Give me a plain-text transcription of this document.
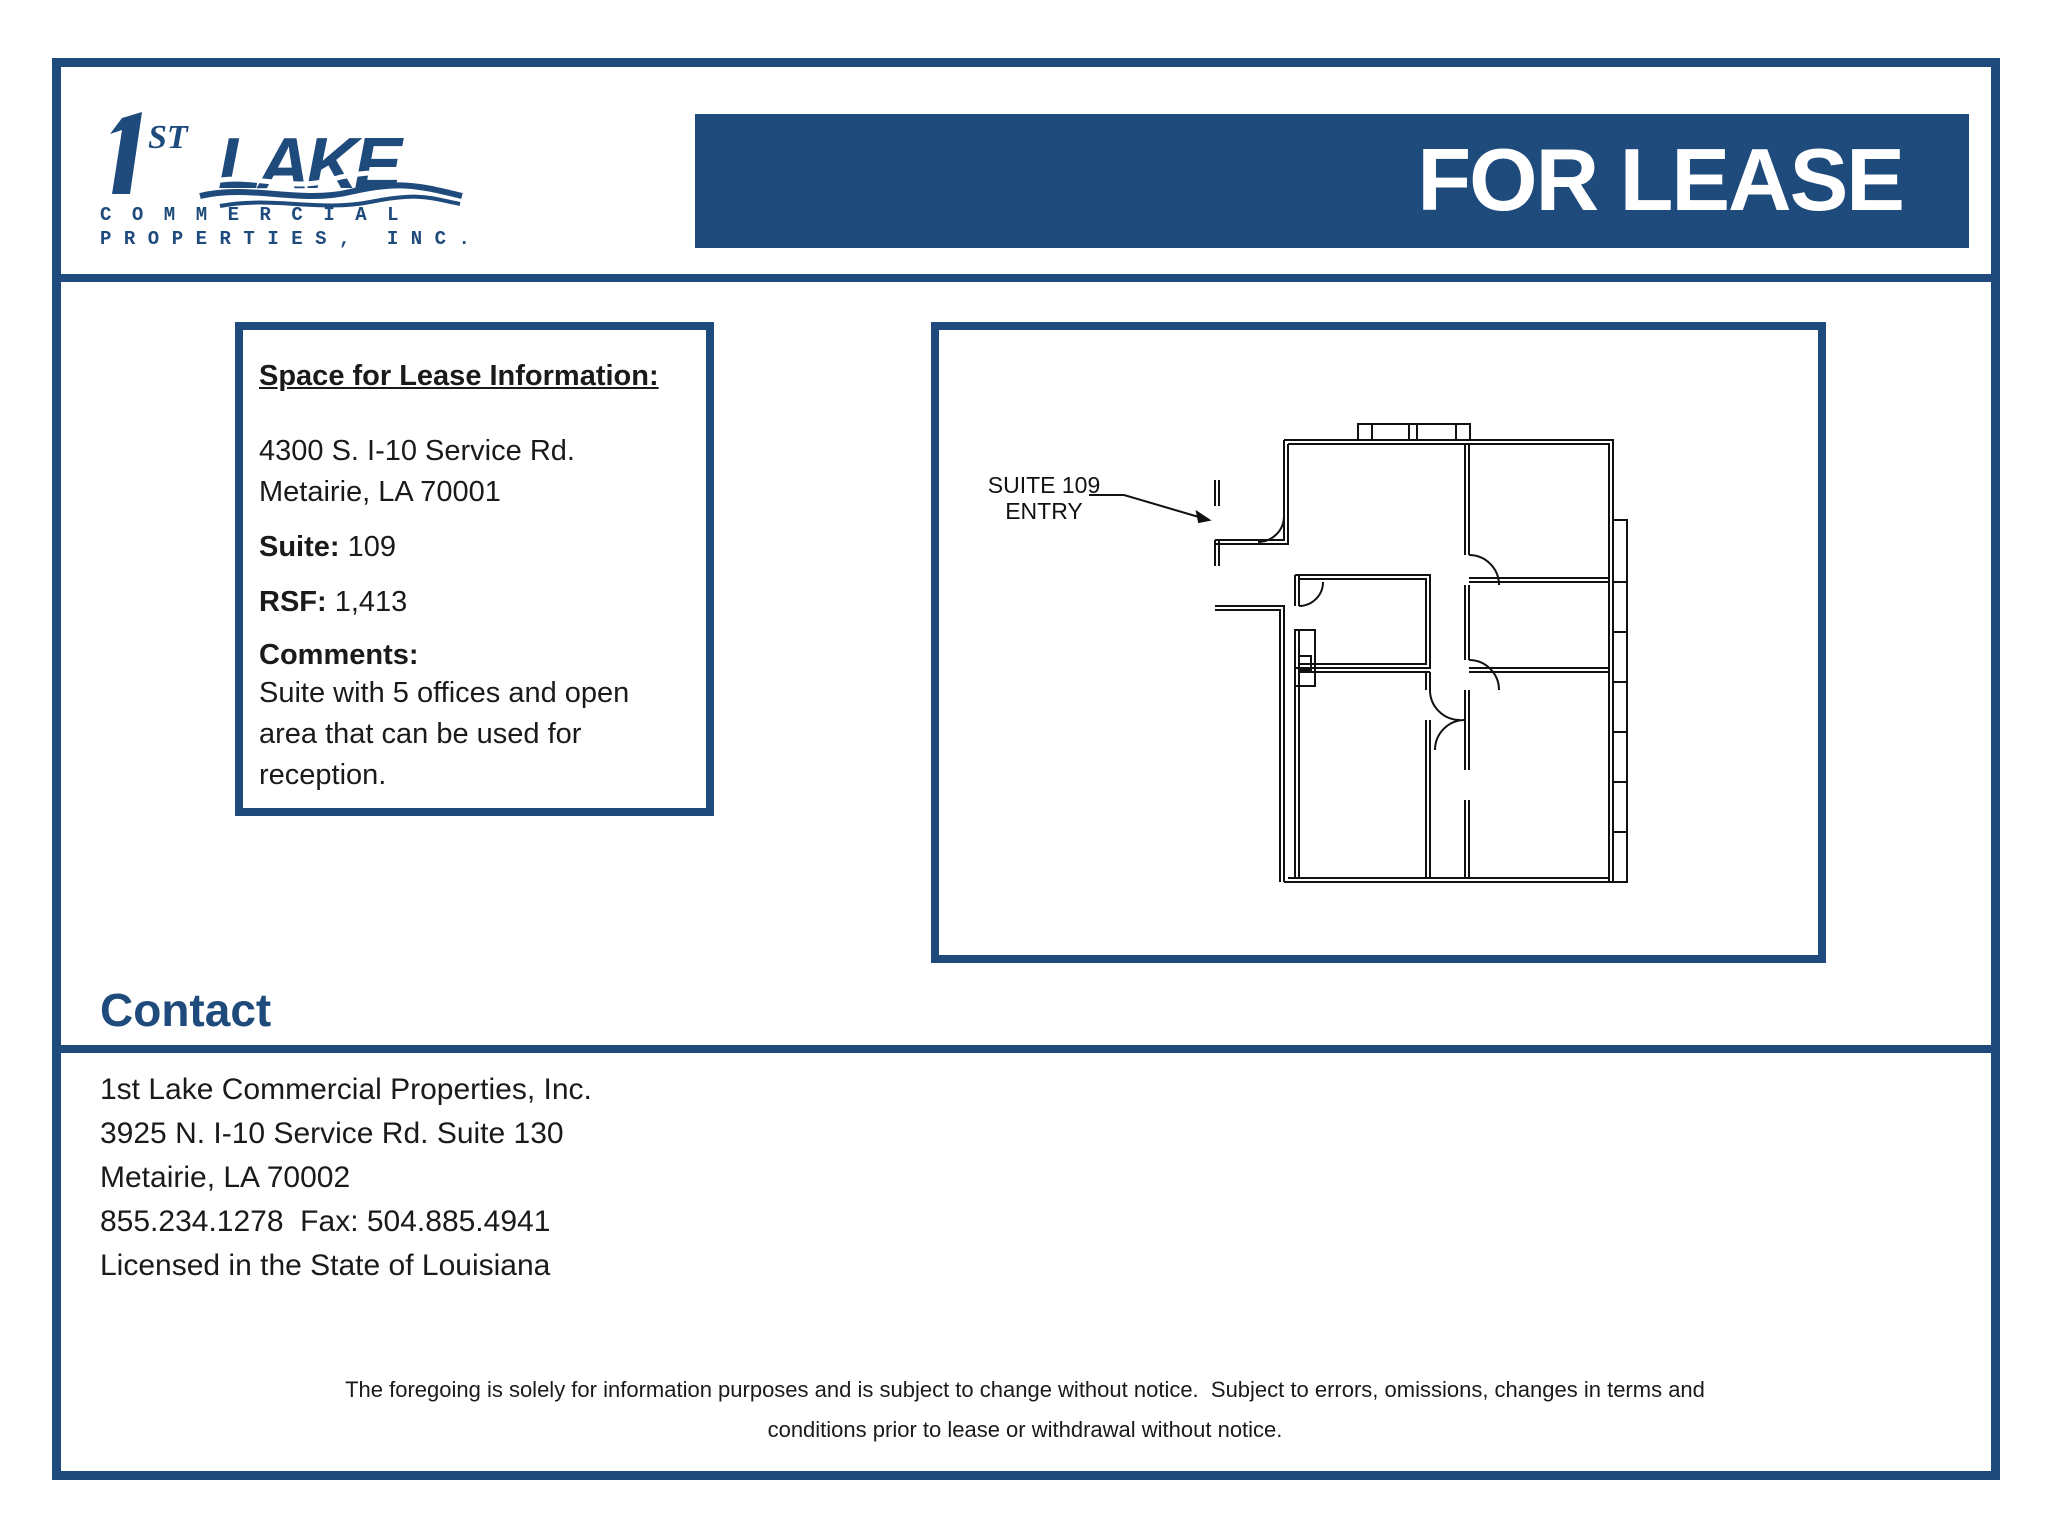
ST LAKE
COMMERCIAL
PROPERTIES, INC.
FOR LEASE
Space for Lease Information:
4300 S. I-10 Service Rd.
Metairie, LA 70001
Suite: 109
RSF: 1,413
Comments:
Suite with 5 offices and open area that can be used for reception.
SUITE 109
ENTRY
Contact
1st Lake Commercial Properties, Inc.
3925 N. I-10 Service Rd. Suite 130
Metairie, LA 70002
855.234.1278  Fax: 504.885.4941
Licensed in the State of Louisiana
The foregoing is solely for information purposes and is subject to change without notice.  Subject to errors, omissions, changes in terms and
conditions prior to lease or withdrawal without notice.
